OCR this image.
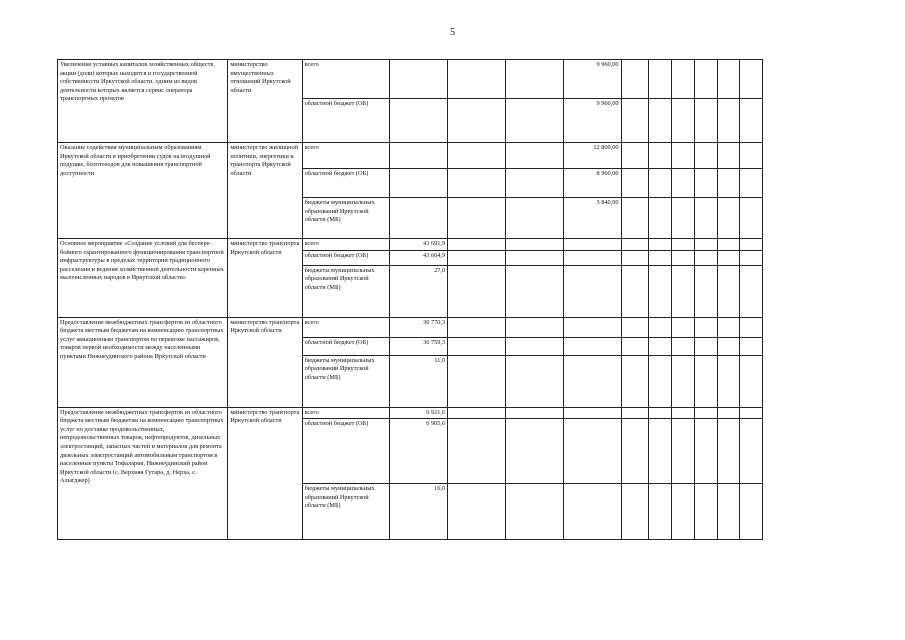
5
Увеличение уставных капиталов хозяйственных обществ, акции (доли) которых находятся в государственной собственности Иркутской области, одним из видов деятельности которых является сервис оператора транспортных проектов	министерство имущественных отношений Иркутской области	всего				9 960,00						
		областной бюджет (ОБ)				9 960,00						
Оказание содействия муниципальным образованиям Иркутской области в приобретении судов на воздушной подушке, болотоходов для повышения транспортной доступности	министерство жилищной политики, энергетики и транспорта Иркутской области	всего				12 800,00						
		областной бюджет (ОБ)				8 960,00						
		бюджеты муниципальных образований Иркутской области (МБ)				3 840,00						
Основное мероприятие «Создание условий для бесперебойного гарантированного функционирования транспортной инфраструктуры в пределах территории традиционного расселения и ведения хозяйственной деятельности коренных малочисленных народов в Иркутской области»	министерство транспорта Иркутской области	всего	43 691,9									
		областной бюджет (ОБ)	43 664,9									
		бюджеты муниципальных образований Иркутской области (МБ)	27,0									
Предоставление межбюджетных трансфертов из областного бюджета местным бюджетам на компенсацию транспортных услуг авиационным транспортом по перевозке пассажиров, товаров первой необходимости между населенными пунктами Нижнеудинского района Иркутской области	министерство транспорта Иркутской области	всего	36 770,3									
		областной бюджет (ОБ)	36 759,3									
		бюджеты муниципальных образований Иркутской области (МБ)	11,0									
Предоставление межбюджетных трансфертов из областного бюджета местным бюджетам на компенсацию транспортных услуг по доставке продовольственных, непродовольственных товаров, нефтепродуктов, дизельных электростанций, запасных частей и материалов для ремонта дизельных электростанций автомобильным транспортом в населенные пункты Тофалария, Нижнеудинский район Иркутской области (с. Верхняя Гутара, д. Нерха, с. Алыгджер)	министерство транспорта Иркутской области	всего	6 921,6									
		областной бюджет (ОБ)	6 905,6									
		бюджеты муниципальных образований Иркутской области (МБ)	16,0									
